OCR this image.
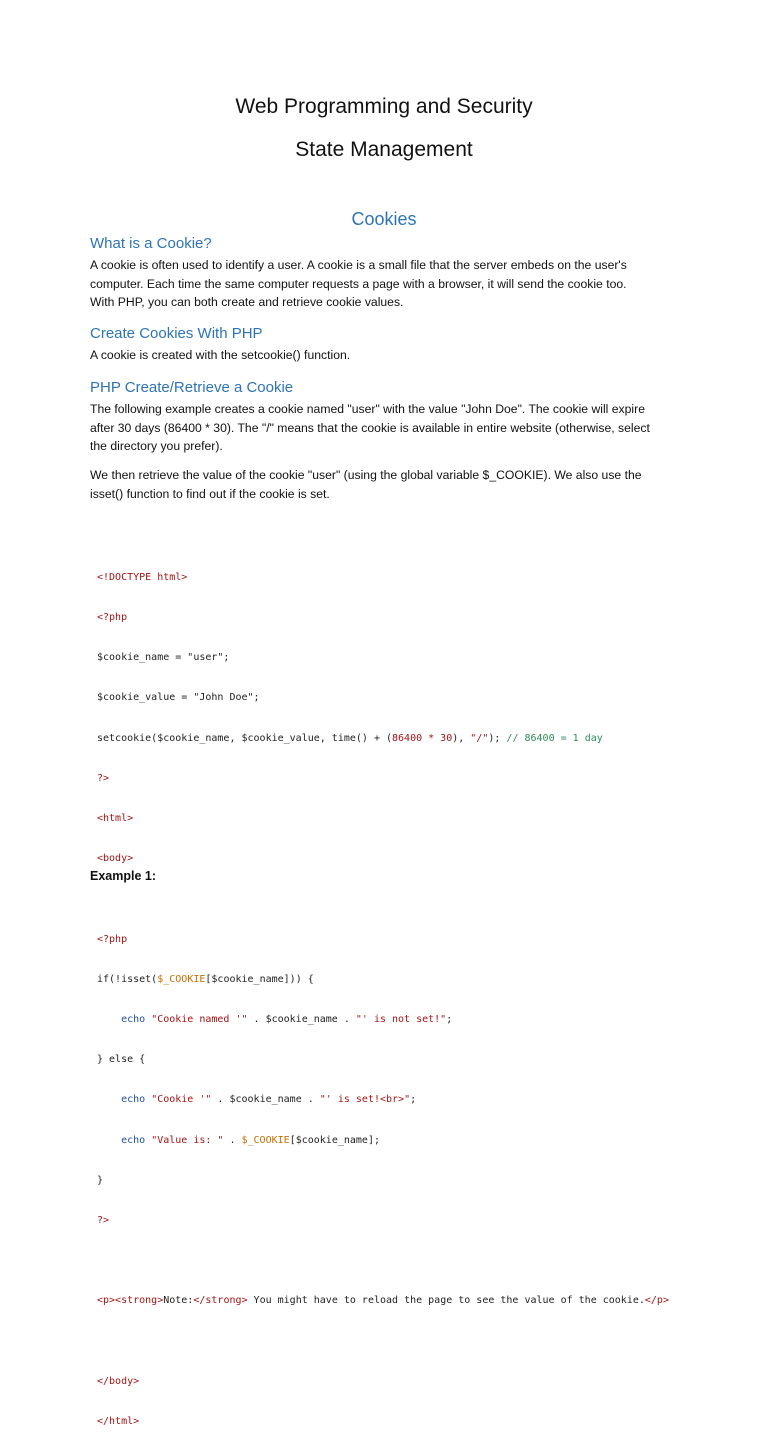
Web Programming and Security
State Management
Cookies
What is a Cookie?
A cookie is often used to identify a user. A cookie is a small file that the server embeds on the user's
computer. Each time the same computer requests a page with a browser, it will send the cookie too.
With PHP, you can both create and retrieve cookie values.
Create Cookies With PHP
A cookie is created with the setcookie() function.
PHP Create/Retrieve a Cookie
The following example creates a cookie named "user" with the value "John Doe". The cookie will expire
after 30 days (86400 * 30). The "/" means that the cookie is available in entire website (otherwise, select
the directory you prefer).
We then retrieve the value of the cookie "user" (using the global variable $_COOKIE). We also use the
isset() function to find out if the cookie is set.

<!DOCTYPE html>

<?php

$cookie_name = "user";

$cookie_value = "John Doe";

setcookie($cookie_name, $cookie_value, time() + (86400 * 30), "/"); // 86400 = 1 day

?>

<html>

<body>

<?php

if(!isset($_COOKIE[$cookie_name])) {

echo "Cookie named '" . $cookie_name . "' is not set!";

} else {

echo "Cookie '" . $cookie_name . "' is set!<br>";

echo "Value is: " . $_COOKIE[$cookie_name];

}

?>

<p><strong>Note:</strong> You might have to reload the page to see the value of the cookie.</p>

</body>

</html>

Example 1:
